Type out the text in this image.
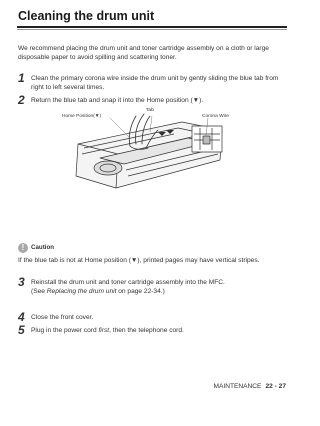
Cleaning the drum unit
We recommend placing the drum unit and toner cartridge assembly on a cloth or large disposable paper to avoid spilling and scattering toner.
1 Clean the primary corona wire inside the drum unit by gently sliding the blue tab from right to left several times.
2 Return the blue tab and snap it into the Home position (▼).
Home Position(▼)
Tab
Corona Wire
!	Caution
If the blue tab is not at Home position (▼), printed pages may have vertical stripes.
3 Reinstall the drum unit and toner cartridge assembly into the MFC.
(See Replacing the drum unit on page 22-34.)
4 Close the front cover.
5 Plug in the power cord first, then the telephone cord.
MAINTENANCE 22 - 27
